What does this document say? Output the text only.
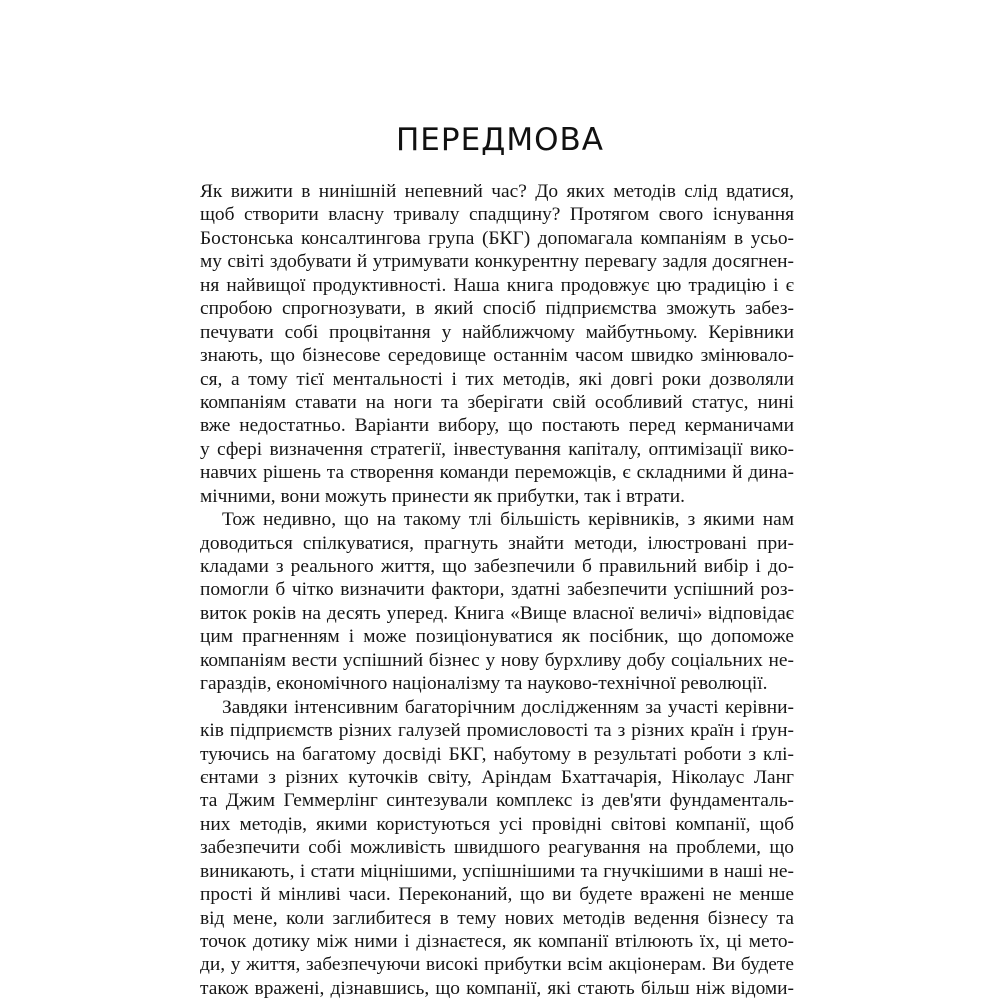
ПЕРЕДМОВА
Як вижити в нинішній непевний час? До яких методів слід вдатися,
щоб створити власну тривалу спадщину? Протягом свого існування
Бостонська консалтингова група (БКГ) допомагала компаніям в усьо-
му світі здобувати й утримувати конкурентну перевагу задля досягнен-
ня найвищої продуктивності. Наша книга продовжує цю традицію і є
спробою спрогнозувати, в який спосіб підприємства зможуть забез-
печувати собі процвітання у найближчому майбутньому. Керівники
знають, що бізнесове середовище останнім часом швидко змінювало-
ся, а тому тієї ментальності і тих методів, які довгі роки дозволяли
компаніям ставати на ноги та зберігати свій особливий статус, нині
вже недостатньо. Варіанти вибору, що постають перед керманичами
у сфері визначення стратегії, інвестування капіталу, оптимізації вико-
навчих рішень та створення команди переможців, є складними й дина-
мічними, вони можуть принести як прибутки, так і втрати.
Тож недивно, що на такому тлі більшість керівників, з якими нам
доводиться спілкуватися, прагнуть знайти методи, ілюстровані при-
кладами з реального життя, що забезпечили б правильний вибір і до-
помогли б чітко визначити фактори, здатні забезпечити успішний роз-
виток років на десять уперед. Книга «Вище власної величі» відповідає
цим прагненням і може позиціонуватися як посібник, що допоможе
компаніям вести успішний бізнес у нову бурхливу добу соціальних не-
гараздів, економічного націоналізму та науково-технічної революції.
Завдяки інтенсивним багаторічним дослідженням за участі керівни-
ків підприємств різних галузей промисловості та з різних країн і ґрун-
туючись на багатому досвіді БКГ, набутому в результаті роботи з клі-
єнтами з різних куточків світу, Аріндам Бхаттачарія, Ніколаус Ланг
та Джим Геммерлінг синтезували комплекс із дев'яти фундаменталь-
них методів, якими користуються усі провідні світові компанії, щоб
забезпечити собі можливість швидшого реагування на проблеми, що
виникають, і стати міцнішими, успішнішими та гнучкішими в наші не-
прості й мінливі часи. Переконаний, що ви будете вражені не менше
від мене, коли заглибитеся в тему нових методів ведення бізнесу та
точок дотику між ними і дізнаєтеся, як компанії втілюють їх, ці мето-
ди, у життя, забезпечуючи високі прибутки всім акціонерам. Ви будете
також вражені, дізнавшись, що компанії, які стають більш ніж відоми-
